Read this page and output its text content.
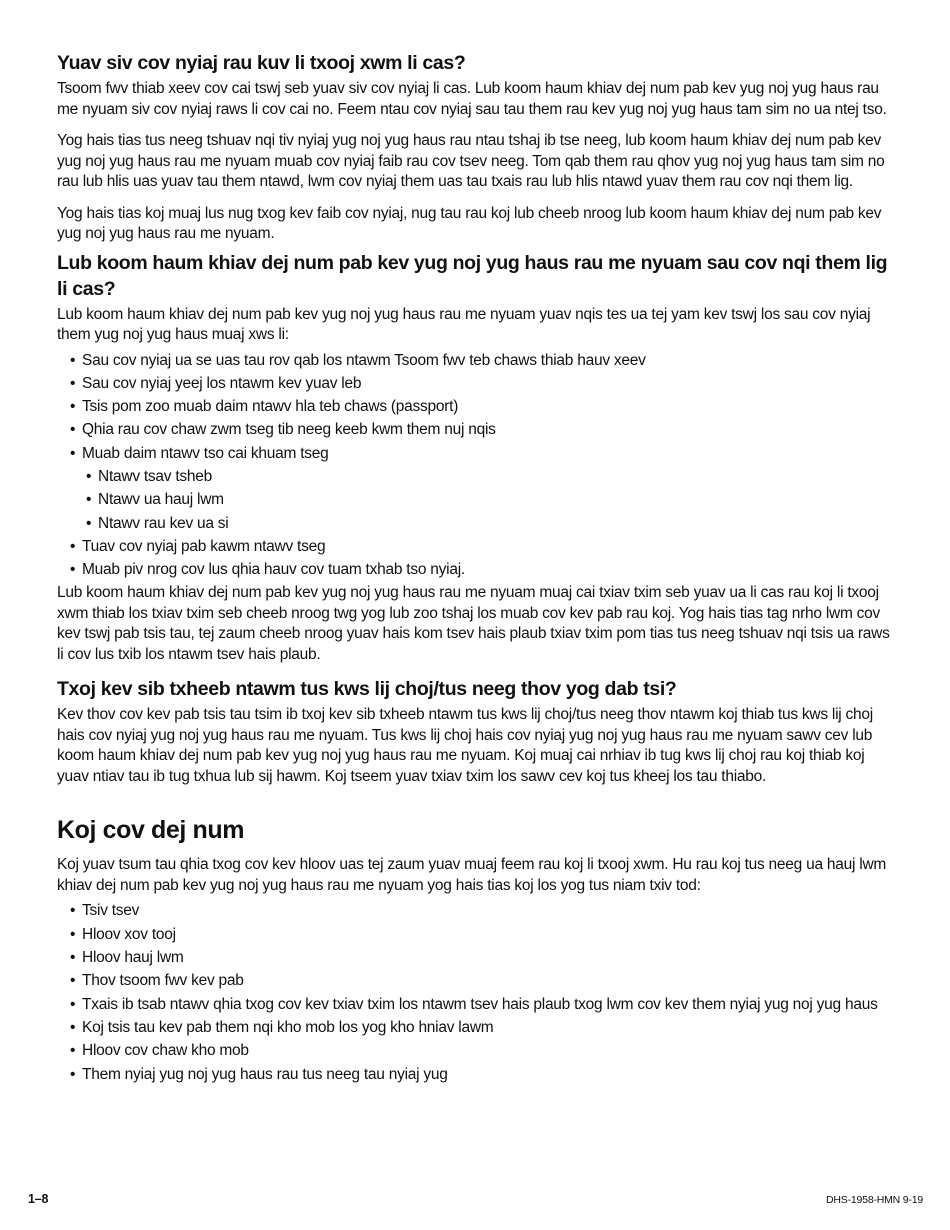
Yuav siv cov nyiaj rau kuv li txooj xwm li cas?

Tsoom fwv thiab xeev cov cai tswj seb yuav siv cov nyiaj li cas. Lub koom haum khiav dej num pab kev yug noj yug haus rau me nyuam siv cov nyiaj raws li cov cai no. Feem ntau cov nyiaj sau tau them rau kev yug noj yug haus tam sim no ua ntej tso.

Yog hais tias tus neeg tshuav nqi tiv nyiaj yug noj yug haus rau ntau tshaj ib tse neeg, lub koom haum khiav dej num pab kev yug noj yug haus rau me nyuam muab cov nyiaj faib rau cov tsev neeg. Tom qab them rau qhov yug noj yug haus tam sim no rau lub hlis uas yuav tau them ntawd, lwm cov nyiaj them uas tau txais rau lub hlis ntawd yuav them rau cov nqi them lig.

Yog hais tias koj muaj lus nug txog kev faib cov nyiaj, nug tau rau koj lub cheeb nroog lub koom haum khiav dej num pab kev yug noj yug haus rau me nyuam.

Lub koom haum khiav dej num pab kev yug noj yug haus rau me nyuam sau cov nqi them lig li cas?

Lub koom haum khiav dej num pab kev yug noj yug haus rau me nyuam yuav nqis tes ua tej yam kev tswj los sau cov nyiaj them yug noj yug haus muaj xws li:

• Sau cov nyiaj ua se uas tau rov qab los ntawm Tsoom fwv teb chaws thiab hauv xeev
• Sau cov nyiaj yeej los ntawm kev yuav leb
• Tsis pom zoo muab daim ntawv hla teb chaws (passport)
• Qhia rau cov chaw zwm tseg tib neeg keeb kwm them nuj nqis
• Muab daim ntawv tso cai khuam tseg
• Ntawv tsav tsheb
• Ntawv ua hauj lwm
• Ntawv rau kev ua si
• Tuav cov nyiaj pab kawm ntawv tseg
• Muab piv nrog cov lus qhia hauv cov tuam txhab tso nyiaj.

Lub koom haum khiav dej num pab kev yug noj yug haus rau me nyuam muaj cai txiav txim seb yuav ua li cas rau koj li txooj xwm thiab los txiav txim seb cheeb nroog twg yog lub zoo tshaj los muab cov kev pab rau koj. Yog hais tias tag nrho lwm cov kev tswj pab tsis tau, tej zaum cheeb nroog yuav hais kom tsev hais plaub txiav txim pom tias tus neeg tshuav nqi tsis ua raws li cov lus txib los ntawm tsev hais plaub.

Txoj kev sib txheeb ntawm tus kws lij choj/tus neeg thov yog dab tsi?

Kev thov cov kev pab tsis tau tsim ib txoj kev sib txheeb ntawm tus kws lij choj/tus neeg thov ntawm koj thiab tus kws lij choj hais cov nyiaj yug noj yug haus rau me nyuam. Tus kws lij choj hais cov nyiaj yug noj yug haus rau me nyuam sawv cev lub koom haum khiav dej num pab kev yug noj yug haus rau me nyuam. Koj muaj cai nrhiav ib tug kws lij choj rau koj thiab koj yuav ntiav tau ib tug txhua lub sij hawm. Koj tseem yuav txiav txim los sawv cev koj tus kheej los tau thiabo.

Koj cov dej num

Koj yuav tsum tau qhia txog cov kev hloov uas tej zaum yuav muaj feem rau koj li txooj xwm. Hu rau koj tus neeg ua hauj lwm khiav dej num pab kev yug noj yug haus rau me nyuam yog hais tias koj los yog tus niam txiv tod:

• Tsiv tsev
• Hloov xov tooj
• Hloov hauj lwm
• Thov tsoom fwv kev pab
• Txais ib tsab ntawv qhia txog cov kev txiav txim los ntawm tsev hais plaub txog lwm cov kev them nyiaj yug noj yug haus
• Koj tsis tau kev pab them nqi kho mob los yog kho hniav lawm
• Hloov cov chaw kho mob
• Them nyiaj yug noj yug haus rau tus neeg tau nyiaj yug
1–8	DHS-1958-HMN 9-19
